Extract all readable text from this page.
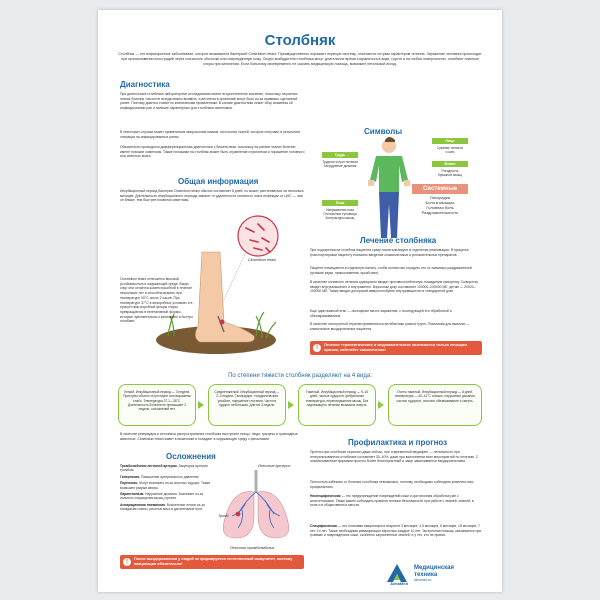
Столбняк
Столбняк — это инфекционное заболевание, которое вызывается бактерией Clostridium tetani. Преимущественно поражает нервную систему, отличается острым характером течения. Заражение человека происходит при проникновении клостридий через слизистые оболочки или поврежденную кожу. Споры возбудителя столбняка могут длительное время сохраняться в воде, грунте и на любых поверхностях, погибают опасные споры при кипячении. Если больному своевременно не оказать медицинскую помощь, возможен летальный исход.
Диагностика
При диагностике столбняка лабораторные исследования имеют второстепенное значение, поскольку на ранних этапах болезни токсин не всегда можно выявить, а антитела в организме могут быть из-за прививки, сделанной ранее. Поэтому диагноз ставят по клиническим проявлениям. В основе диагностики лежит сбор анамнеза об инфицировании ран и наличие характерных для столбняка симптомов.
В некоторых случаях может применяться микроскопия мазков, гистология тканей, которые получают в результате операции на инфицированных ранах.
Обязательно проводится дифференциальная диагностика с бешенством, поскольку на ранних этапах болезни имеют похожие симптомы. Также похожими на столбняк может быть отравление стрихнином и поражение головного или спинного мозга.
Общая информация
Инкубационный период бактерии Clostridium tetani обычно составляет 8 дней, но может растягиваться на несколько месяцев. Длительность инкубационного периода зависит от удаленности основного очага инфекции от ЦНС — чем он ближе, тем быстрее появятся симптомы.
Clostridium tetani
Clostridium tetani отличается высокой устойчивостью в окружающей среде. Вирус спор она остаётся жизнеспособной в течение нескольких лет и способна выжить при температуре 90°С около 2 часов. При температуре 37°С в анаэробных условиях и в присутствии аэробной флоры споры превращаются в вегетативные формы, которые чувствительны к кипячению и быстро погибают.
Символы
Грудь
Трудности при глотании
Затруднение дыхания
Поза
Напряженная поза
Отклонение туловища
Контрактуры мышц
Лицо
Сужение челюсти
и шеи
Живот
Ригидность
брюшных мышц
Системные
Лихорадка
Боли в мышцах
Головная боль
Раздражительность
Лечение столбняка
При подозрении на столбняк пациента сразу госпитализируют в отделение реанимации. В процессе транспортировки пациенту показано введение спазмолитиков и успокоительных препаратов.
Пациент помещается в отдельную палату, чтобы полностью оградить его от значимых раздражителей (громкие звуки, прикосновения, яркий свет).
В качестве основного лечения однократно вводят противостолбнячную лошадиную сыворотку. Сыворотку вводят внутримышечно и внутривенно. Взрослым дозу составляют 100000–200000 МЕ, детям — 20000–100000 МЕ. Также вводят донорский иммуноглобулин внутримышечно в стандартной дозе.
Еще один важный этап — посещение места заражения, с последующей его обработкой и обеззараживанием.
В качестве этиотропной терапии применяются антибиотики разных групп. Показания для выписки — клиническое выздоровление пациента.
!	Лечение терапевтическое и медикаментозное назначается только лечащим врачом, избегайте самолечения!
По степени тяжести столбняк разделяют на 4 вида:
Легкий. Инкубационный период — 3 недели. Приступы обычно отсутствуют или выражены слабо. Температура 37,1—38°С. Длительность болезни не превышает 2 недели, осложнений нет.
Среднетяжелый. Инкубационный период — 2–3 недели. Тахикардия, «сардоническая улыбка», нарушение глотания. Частота судорог небольшая. Длится 3 недели.
Тяжелый. Инкубационный период — 9–15 дней, частые судороги, фебрильная температура, перенапряжение мышц. Без надлежащего лечения возможна смерть.
Очень тяжелый. Инкубационный период — 8 дней, температура — 40–41°С и выше, нарушение дыхания, частые судороги, сильное обезвоживание и смерть.
В качестве резервуара и источника распространения столбняка выступают птицы, люди, грызуны и травоядные животные. Clostridium tetani живет в кишечнике и попадает в окружающую среду с фекалиями.
Осложнения
Тромбоэмболия легочной артерии. Закупорка артерии тромбом.
Гипертония. Повышение артериального давления.
Переломы. Могут возникать из-за сильных судорог. Также возможен разрыв связок.
Ларингоспазм. Нарушение дыхания. Возникает из-за сильного сокращения мышц гортани.
Аспирационная пневмония. Воспаление легких из-за попадания слюны, рвотных масс в дыхательные пути.
Легочные артерии
Тромб
Легочная тромбоэмболия
!	После выздоровления у людей не формируется естественный иммунитет, поэтому вакцинация обязательна!
Профилактика и прогноз
Прогноз при столбняке серьезен даже сейчас, при современной медицине — летальность при генерализованном столбняке составляет 30–40%, даже при выполнении всех мероприятий по лечению. С локализованным формами прогноз более благоприятный и чаще заканчивается выздоровлением.
Полностью избежать от болезни столбняка невозможно, поэтому необходимо соблюдать комплекс мер профилактики.
Неспецифическая — это предупреждение повреждений кожи и достаточная обработка ран с антисептиками. Также важно соблюдать правила техники безопасности при работе с землей, землей, в поле и в общественных местах.
Специфическая — это плановая вакцинация в возрасте 3 месяцев, 4,5 месяцев, 6 месяцев, 18 месяцев, 7 лет, 14 лет. Также необходима ревакцинация взрослых каждые 10 лет. Экстренная помощь оказывается при травмах и повреждениях кожи, особенно загрязненных землей, и у тех, кто не привит.
AlmaMed
Медицинская
техника
almamed.su
